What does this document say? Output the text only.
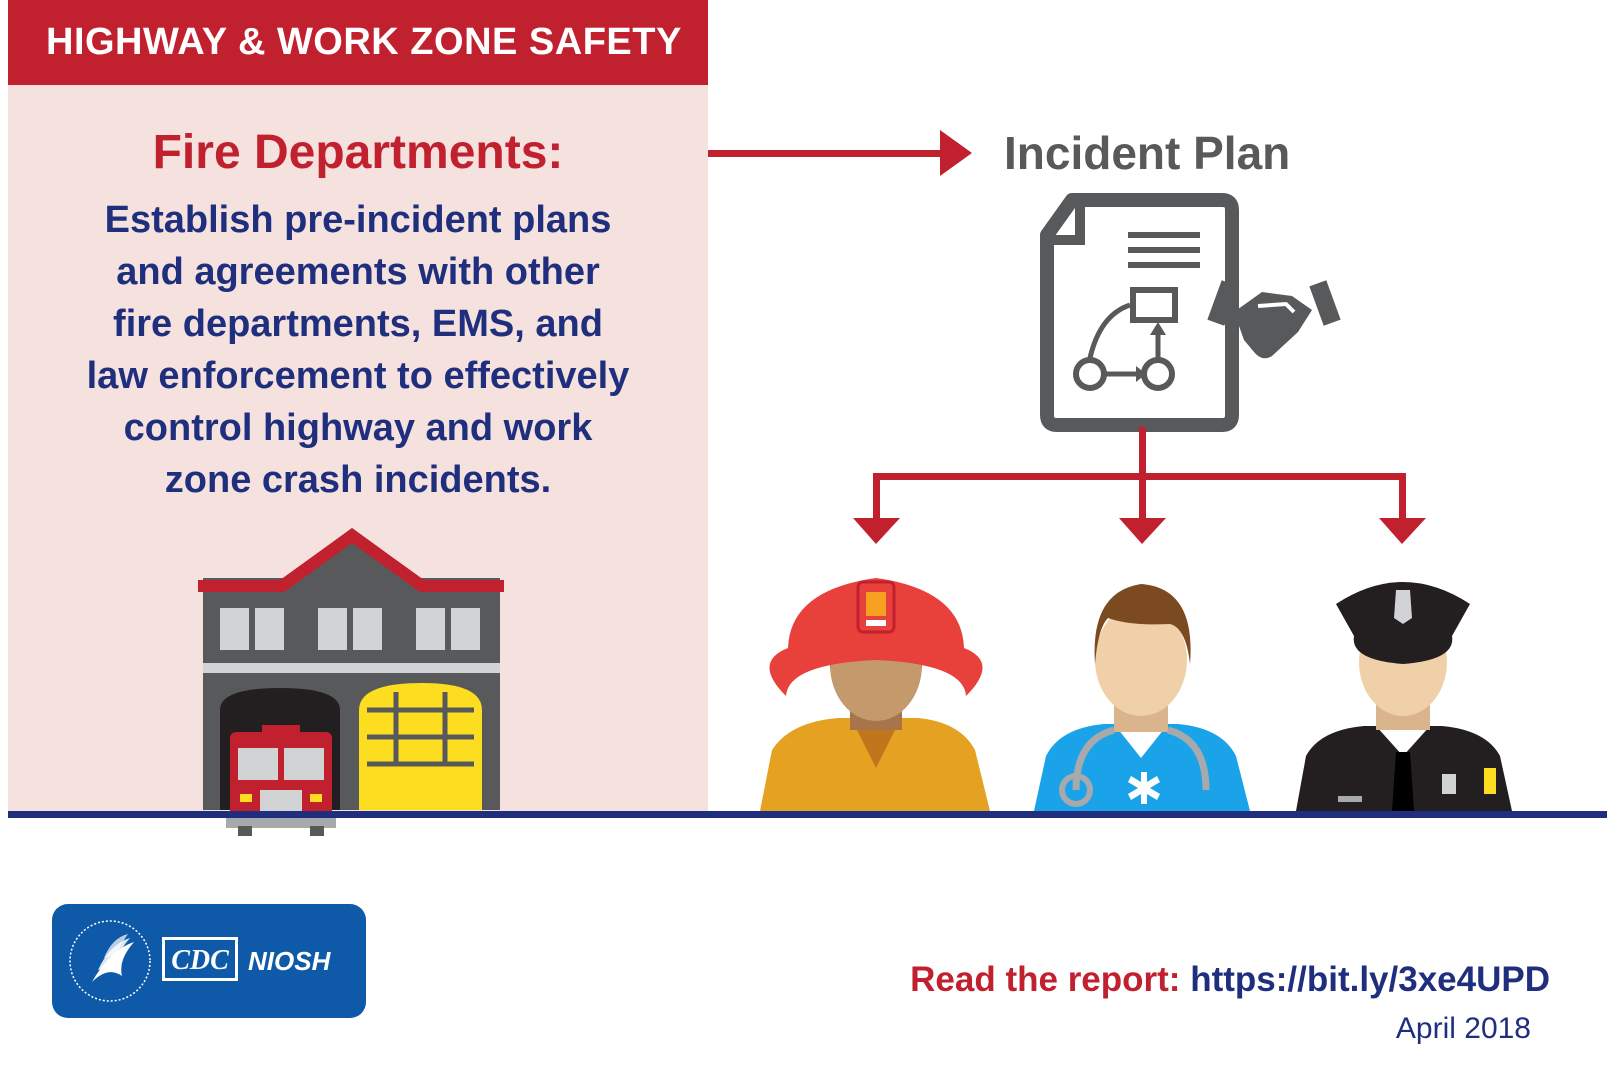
HIGHWAY & WORK ZONE SAFETY
Fire Departments:
Establish pre-incident plans
and agreements with other
fire departments, EMS, and
law enforcement to effectively
control highway and work
zone crash incidents.
Incident Plan
CDC NIOSH	Read the report: https://bit.ly/3xe4UPD
April 2018
